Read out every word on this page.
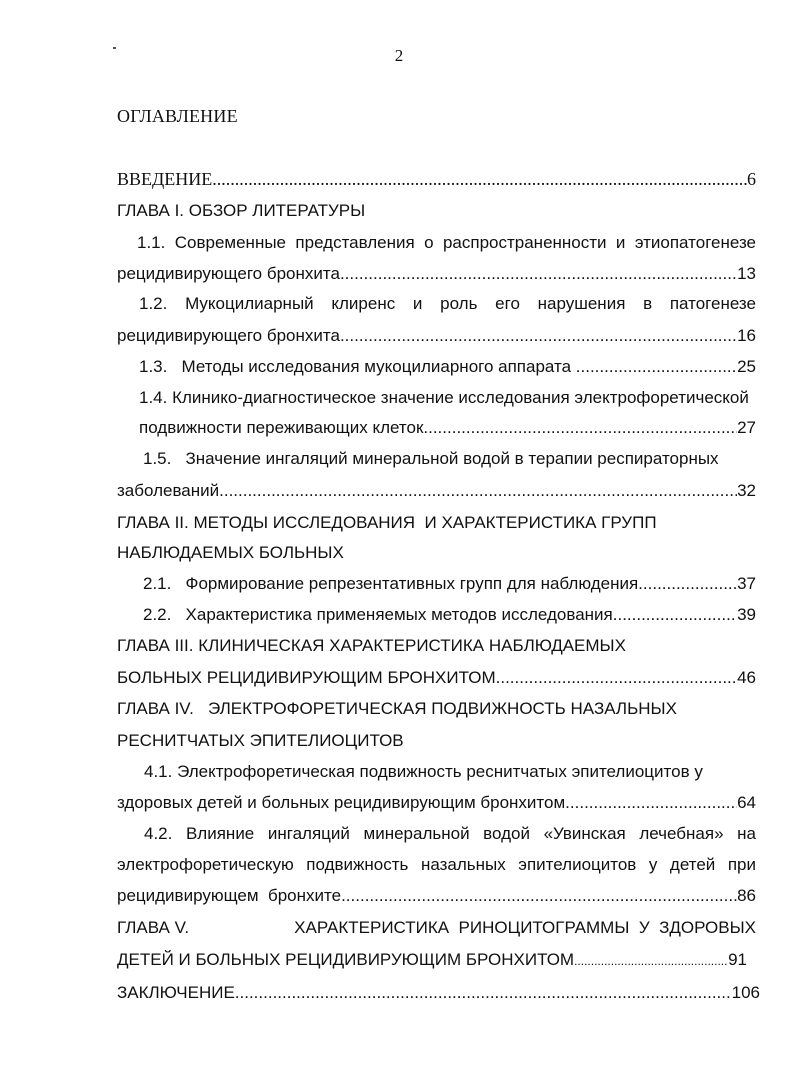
2
ОГЛАВЛЕНИЕ
ВВЕДЕНИЕ .....	6
ГЛАВА I. ОБЗОР ЛИТЕРАТУРЫ
1.1. Современные представления о распространенности и этиопатогенезе
рецидивирующего бронхита .....	13
1.2. Мукоцилиарный клиренс и роль его нарушения в патогенезе
рецидивирующего бронхита .....	16
1.3.   Методы исследования мукоцилиарного аппарата .....	25
1.4. Клинико-диагностическое значение исследования электрофоретической
подвижности переживающих клеток .....	27
1.5.   Значение ингаляций минеральной водой в терапии респираторных
заболеваний .....	32
ГЛАВА II. МЕТОДЫ ИССЛЕДОВАНИЯ  И ХАРАКТЕРИСТИКА ГРУПП
НАБЛЮДАЕМЫХ БОЛЬНЫХ
2.1.   Формирование репрезентативных групп для наблюдения .....	37
2.2.   Характеристика применяемых методов исследования .....	39
ГЛАВА III. КЛИНИЧЕСКАЯ ХАРАКТЕРИСТИКА НАБЛЮДАЕМЫХ
БОЛЬНЫХ РЕЦИДИВИРУЮЩИМ БРОНХИТОМ .....	46
ГЛАВА IV.   ЭЛЕКТРОФОРЕТИЧЕСКАЯ ПОДВИЖНОСТЬ НАЗАЛЬНЫХ
РЕСНИТЧАТЫХ ЭПИТЕЛИОЦИТОВ
4.1. Электрофоретическая подвижность реснитчатых эпителиоцитов у
здоровых детей и больных рецидивирующим бронхитом .....	64
4.2. Влияние ингаляций минеральной водой «Увинская лечебная» на
электрофоретическую подвижность назальных эпителиоцитов у детей при
рецидивирующем  бронхите .....	86
ГЛАВА V.	ХАРАКТЕРИСТИКА  РИНОЦИТОГРАММЫ  У  ЗДОРОВЫХ
ДЕТЕЙ И БОЛЬНЫХ РЕЦИДИВИРУЮЩИМ БРОНХИТОМ .....	91
ЗАКЛЮЧЕНИЕ .....	106
